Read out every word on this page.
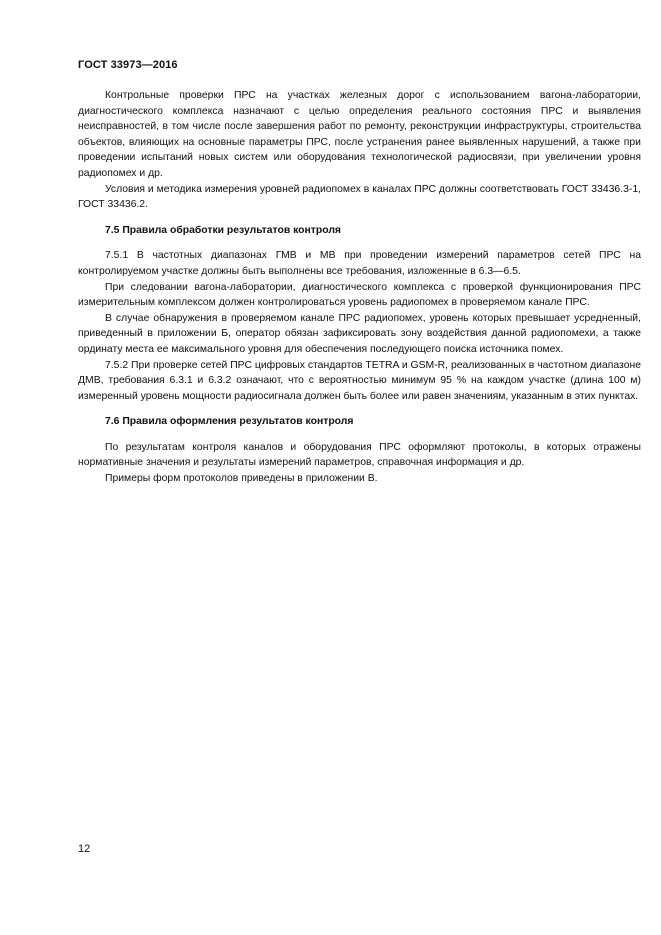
ГОСТ 33973—2016

Контрольные проверки ПРС на участках железных дорог с использованием вагона-лаборатории, диагностического комплекса назначают с целью определения реального состояния ПРС и выявления неисправностей, в том числе после завершения работ по ремонту, реконструкции инфраструктуры, строительства объектов, влияющих на основные параметры ПРС, после устранения ранее выявленных нарушений, а также при проведении испытаний новых систем или оборудования технологической радиосвязи, при увеличении уровня радиопомех и др.

Условия и методика измерения уровней радиопомех в каналах ПРС должны соответствовать ГОСТ 33436.3-1, ГОСТ 33436.2.

7.5 Правила обработки результатов контроля

7.5.1 В частотных диапазонах ГМВ и МВ при проведении измерений параметров сетей ПРС на контролируемом участке должны быть выполнены все требования, изложенные в 6.3—6.5.

При следовании вагона-лаборатории, диагностического комплекса с проверкой функционирования ПРС измерительным комплексом должен контролироваться уровень радиопомех в проверяемом канале ПРС.

В случае обнаружения в проверяемом канале ПРС радиопомех, уровень которых превышает усредненный, приведенный в приложении Б, оператор обязан зафиксировать зону воздействия данной радиопомехи, а также ординату места ее максимального уровня для обеспечения последующего поиска источника помех.

7.5.2 При проверке сетей ПРС цифровых стандартов TETRA и GSM-R, реализованных в частотном диапазоне ДМВ, требования 6.3.1 и 6.3.2 означают, что с вероятностью минимум 95 % на каждом участке (длина 100 м) измеренный уровень мощности радиосигнала должен быть более или равен значениям, указанным в этих пунктах.

7.6 Правила оформления результатов контроля

По результатам контроля каналов и оборудования ПРС оформляют протоколы, в которых отражены нормативные значения и результаты измерений параметров, справочная информация и др.

Примеры форм протоколов приведены в приложении В.

12
